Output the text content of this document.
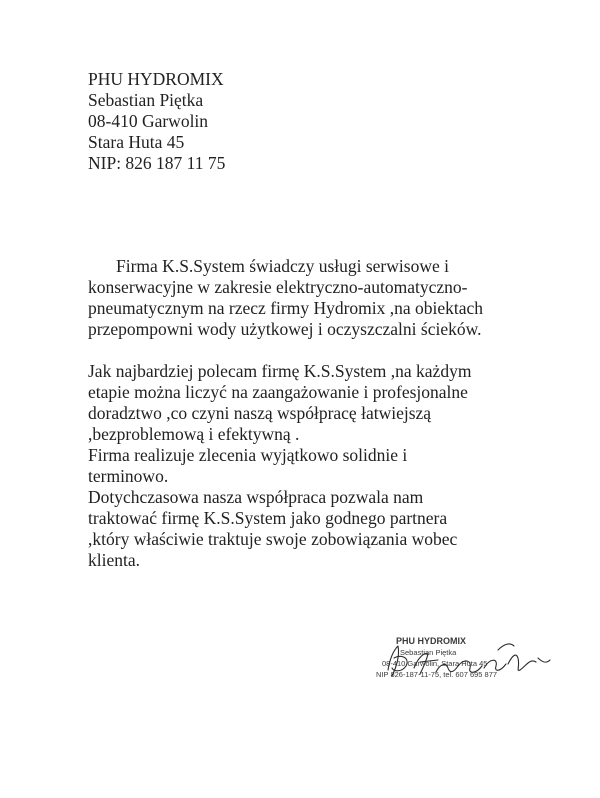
PHU HYDROMIX
Sebastian Piętka
08-410 Garwolin
Stara Huta 45
NIP: 826 187 11 75
Firma K.S.System świadczy usługi serwisowe i
konserwacyjne w zakresie elektryczno-automatyczno-
pneumatycznym na rzecz firmy Hydromix ,na obiektach
przepompowni wody użytkowej i oczyszczalni ścieków.
Jak najbardziej polecam firmę K.S.System ,na każdym
etapie można liczyć na zaangażowanie i profesjonalne
doradztwo ,co czyni naszą współpracę łatwiejszą
,bezproblemową i efektywną .
Firma realizuje zlecenia wyjątkowo solidnie i
terminowo.
Dotychczasowa nasza współpraca pozwala nam
traktować firmę K.S.System jako godnego partnera
,który właściwie traktuje swoje zobowiązania wobec
klienta.
PHU HYDROMIX
Sebastian Piętka
08-410 Garwolin, Stara Huta 45
NIP 826-187-11-75, tel. 607 695 877
